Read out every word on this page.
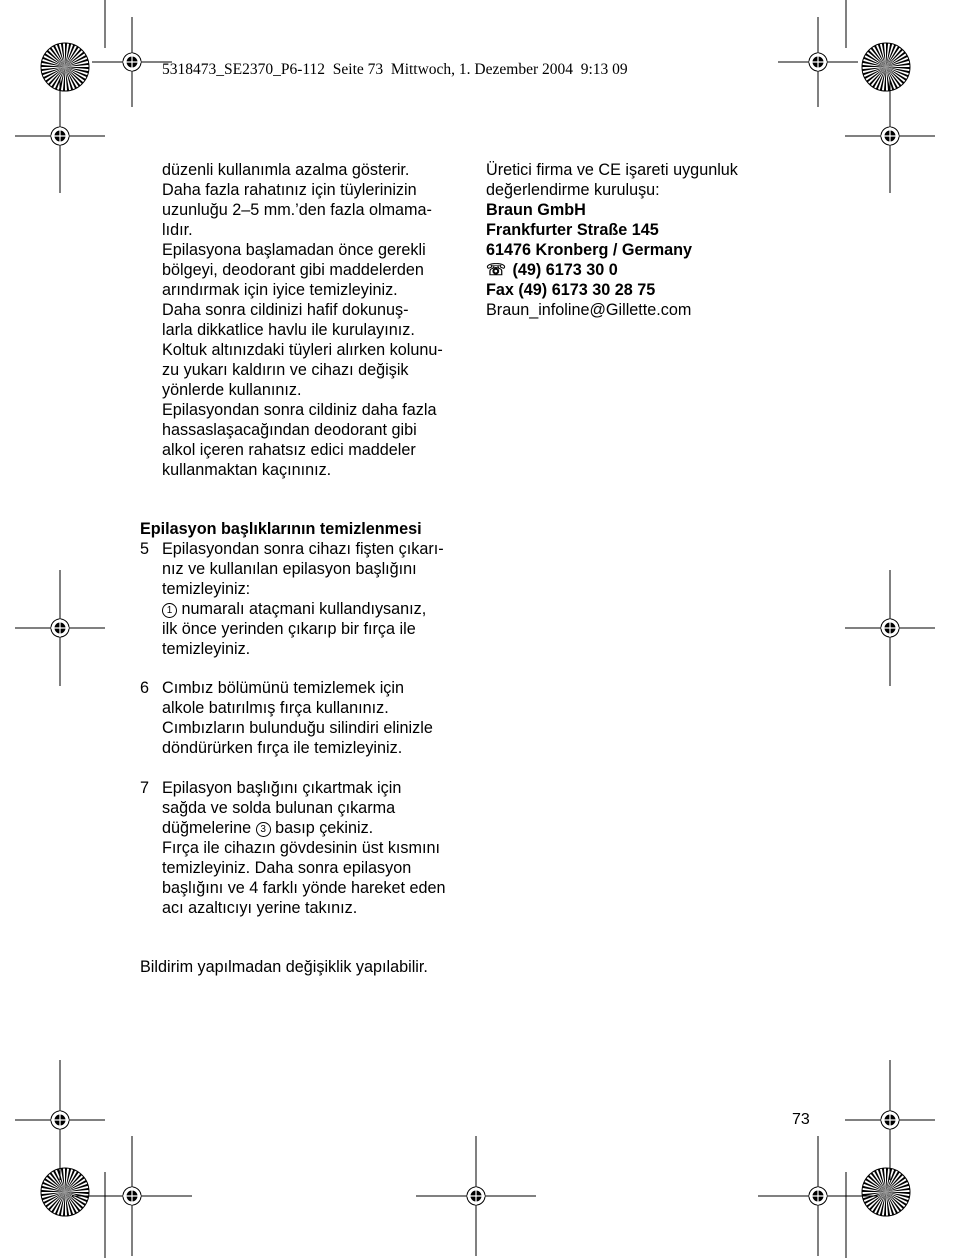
5318473_SE2370_P6-112  Seite 73  Mittwoch, 1. Dezember 2004  9:13 09
düzenli kullanımla azalma gösterir.
Daha fazla rahatınız için tüylerinizin
uzunluğu 2–5 mm.’den fazla olmama-
lıdır.
Epilasyona başlamadan önce gerekli
bölgeyi, deodorant gibi maddelerden
arındırmak için iyice temizleyiniz.
Daha sonra cildinizi hafif dokunuş-
larla dikkatlice havlu ile kurulayınız.
Koltuk altınızdaki tüyleri alırken kolunu-
zu yukarı kaldırın ve cihazı değişik
yönlerde kullanınız.
Epilasyondan sonra cildiniz daha fazla
hassaslaşacağından deodorant gibi
alkol içeren rahatsız edici maddeler
kullanmaktan kaçınınız.
Epilasyon başlıklarının temizlenmesi
5 Epilasyondan sonra cihazı fişten çıkarı-
nız ve kullanılan epilasyon başlığını
temizleyiniz:
1 numaralı ataçmani kullandıysanız,
ilk önce yerinden çıkarıp bir fırça ile
temizleyiniz.
6 Cımbız bölümünü temizlemek için
alkole batırılmış fırça kullanınız.
Cımbızların bulunduğu silindiri elinizle
döndürürken fırça ile temizleyiniz.
7 Epilasyon başlığını çıkartmak için
sağda ve solda bulunan çıkarma
düğmelerine 3 basıp çekiniz.
Fırça ile cihazın gövdesinin üst kısmını
temizleyiniz. Daha sonra epilasyon
başlığını ve 4 farklı yönde hareket eden
acı azaltıcıyı yerine takınız.
Bildirim yapılmadan değişiklik yapılabilir.
Üretici firma ve CE işareti uygunluk
değerlendirme kuruluşu:
Braun GmbH
Frankfurter Straße 145
61476 Kronberg / Germany
☏ (49) 6173 30 0
Fax (49) 6173 30 28 75
Braun_infoline@Gillette.com
73
